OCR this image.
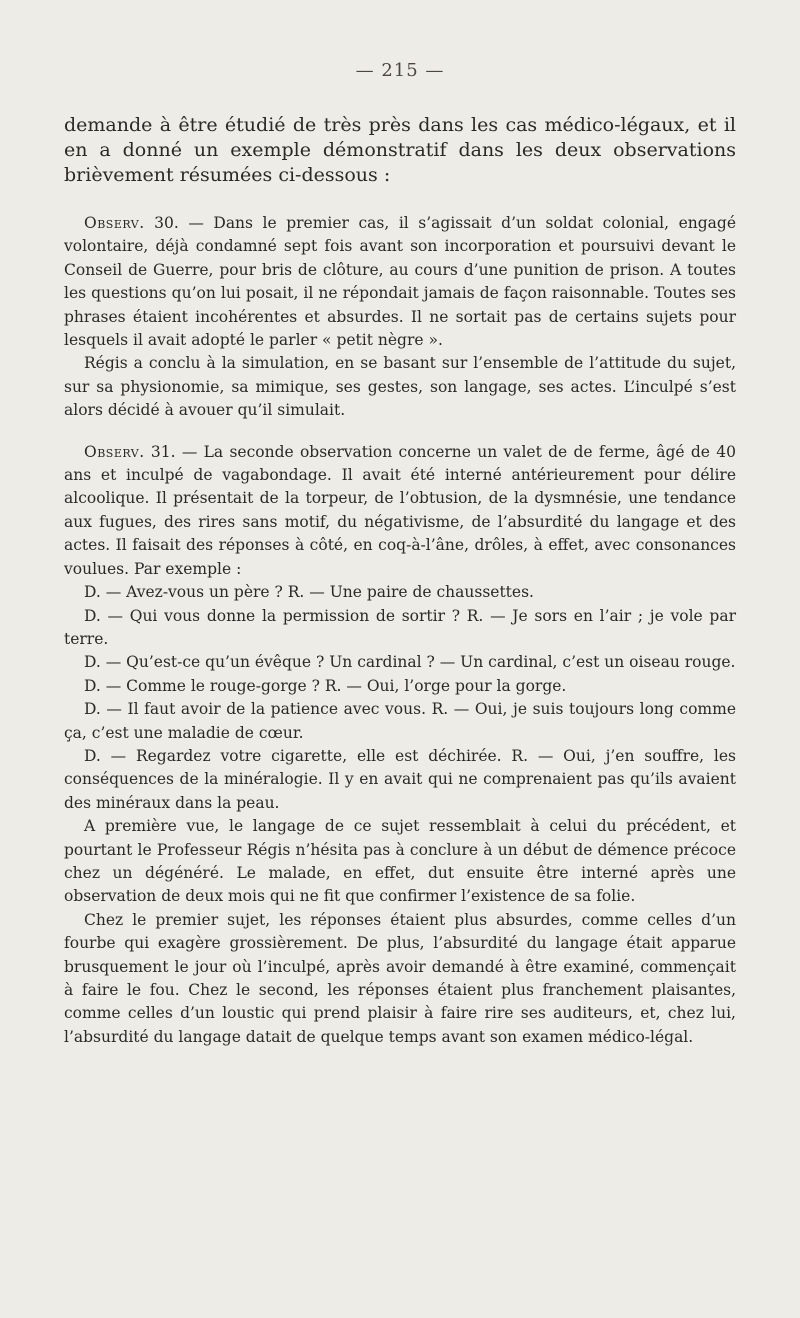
— 215 —

demande à être étudié de très près dans les cas médico-légaux, et il en a donné un exemple démonstratif dans les deux observations brièvement résumées ci-dessous :

Observ. 30. — Dans le premier cas, il s’agissait d’un soldat colonial, engagé volontaire, déjà condamné sept fois avant son incorporation et poursuivi devant le Conseil de Guerre, pour bris de clôture, au cours d’une punition de prison. A toutes les questions qu’on lui posait, il ne répondait jamais de façon raisonnable. Toutes ses phrases étaient incohérentes et absurdes. Il ne sortait pas de certains sujets pour lesquels il avait adopté le parler « petit nègre ».

Régis a conclu à la simulation, en se basant sur l’ensemble de l’attitude du sujet, sur sa physionomie, sa mimique, ses gestes, son langage, ses actes. L’inculpé s’est alors décidé à avouer qu’il simulait.

Observ. 31. — La seconde observation concerne un valet de de ferme, âgé de 40 ans et inculpé de vagabondage. Il avait été interné antérieurement pour délire alcoolique. Il présentait de la torpeur, de l’obtusion, de la dysmnésie, une tendance aux fugues, des rires sans motif, du négativisme, de l’absurdité du langage et des actes. Il faisait des réponses à côté, en coq-à-l’âne, drôles, à effet, avec consonances voulues. Par exemple :

D. — Avez-vous un père ? R. — Une paire de chaussettes.

D. — Qui vous donne la permission de sortir ? R. — Je sors en l’air ; je vole par terre.

D. — Qu’est-ce qu’un évêque ? Un cardinal ? — Un cardinal, c’est un oiseau rouge.

D. — Comme le rouge-gorge ? R. — Oui, l’orge pour la gorge.

D. — Il faut avoir de la patience avec vous. R. — Oui, je suis toujours long comme ça, c’est une maladie de cœur.

D. — Regardez votre cigarette, elle est déchirée. R. — Oui, j’en souffre, les conséquences de la minéralogie. Il y en avait qui ne comprenaient pas qu’ils avaient des minéraux dans la peau.

A première vue, le langage de ce sujet ressemblait à celui du précédent, et pourtant le Professeur Régis n’hésita pas à conclure à un début de démence précoce chez un dégénéré. Le malade, en effet, dut ensuite être interné après une observation de deux mois qui ne fit que confirmer l’existence de sa folie.

Chez le premier sujet, les réponses étaient plus absurdes, comme celles d’un fourbe qui exagère grossièrement. De plus, l’absurdité du langage était apparue brusquement le jour où l’inculpé, après avoir demandé à être examiné, commençait à faire le fou. Chez le second, les réponses étaient plus franchement plaisantes, comme celles d’un loustic qui prend plaisir à faire rire ses auditeurs, et, chez lui, l’absurdité du langage datait de quelque temps avant son examen médico-légal.
